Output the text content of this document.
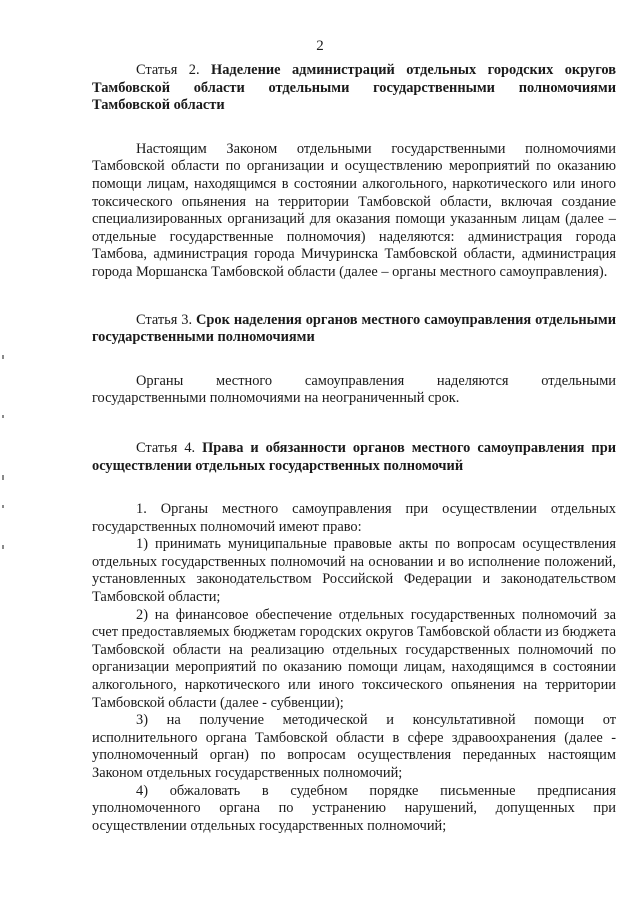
2
Статья 2. Наделение администраций отдельных городских округов Тамбовской области отдельными государственными полномочиями Тамбовской области

Настоящим Законом отдельными государственными полномочиями Тамбовской области по организации и осуществлению мероприятий по оказанию помощи лицам, находящимся в состоянии алкогольного, наркотического или иного токсического опьянения на территории Тамбовской области, включая создание специализированных организаций для оказания помощи указанным лицам (далее – отдельные государственные полномочия) наделяются: администрация города Тамбова, администрация города Мичуринска Тамбовской области, администрация города Моршанска Тамбовской области (далее – органы местного самоуправления).

Статья 3. Срок наделения органов местного самоуправления отдельными государственными полномочиями

Органы местного самоуправления наделяются отдельными государственными полномочиями на неограниченный срок.

Статья 4. Права и обязанности органов местного самоуправления при осуществлении отдельных государственных полномочий

1. Органы местного самоуправления при осуществлении отдельных государственных полномочий имеют право:

1) принимать муниципальные правовые акты по вопросам осуществления отдельных государственных полномочий на основании и во исполнение положений, установленных законодательством Российской Федерации и законодательством Тамбовской области;

2) на финансовое обеспечение отдельных государственных полномочий за счет предоставляемых бюджетам городских округов Тамбовской области из бюджета Тамбовской области на реализацию отдельных государственных полномочий по организации мероприятий по оказанию помощи лицам, находящимся в состоянии алкогольного, наркотического или иного токсического опьянения на территории Тамбовской области (далее - субвенции);

3) на получение методической и консультативной помощи от исполнительного органа Тамбовской области в сфере здравоохранения (далее - уполномоченный орган) по вопросам осуществления переданных настоящим Законом отдельных государственных полномочий;

4) обжаловать в судебном порядке письменные предписания уполномоченного органа по устранению нарушений, допущенных при осуществлении отдельных государственных полномочий;
